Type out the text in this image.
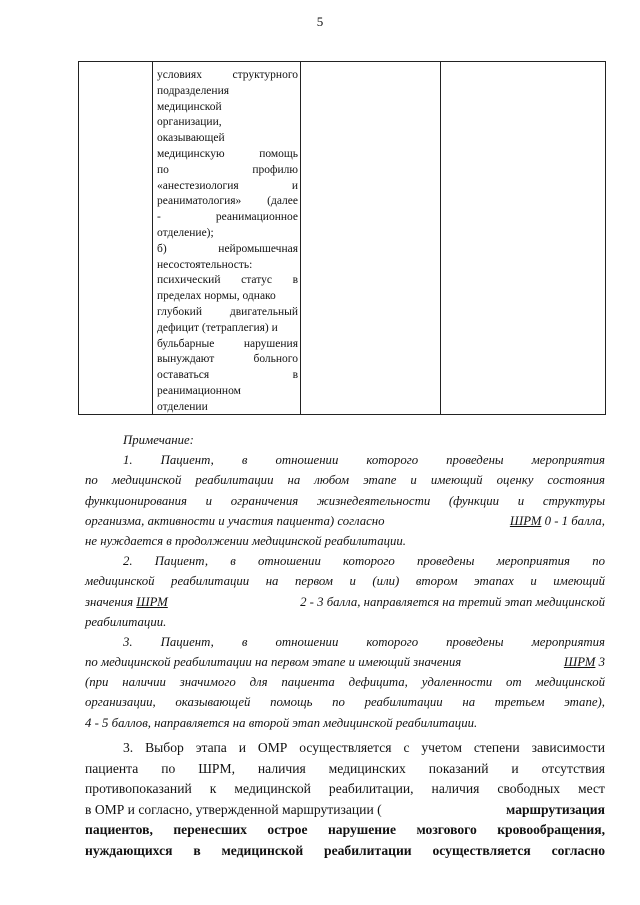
5
условиях	структурного
подразделения
медицинской
организации,
оказывающей
медицинскую	помощь
по	профилю
«анестезиология	и
реаниматология» (далее
-	реанимационное
отделение);
б)	нейромышечная
несостоятельность:
психический статус в
пределах нормы, однако
глубокий двигательный
дефицит (тетраплегия) и
бульбарные	нарушения
вынуждают	больного
оставаться	в
реанимационном
отделении
Примечание:
1. Пациент, в отношении которого проведены мероприятия
по медицинской реабилитации на любом этапе и имеющий оценку состояния
функционирования и ограничения жизнедеятельности (функции и структуры
организма, активности и участия пациента) согласно	ШРМ 0 - 1 балла,
не нуждается в продолжении медицинской реабилитации.
2. Пациент, в отношении которого проведены мероприятия по
медицинской реабилитации на первом и (или) втором этапах и имеющий
значения ШРМ	2 - 3 балла, направляется на третий этап медицинской
реабилитации.
3. Пациент, в отношении которого проведены мероприятия
по медицинской реабилитации на первом этапе и имеющий значения	ШРМ 3
(при наличии значимого для пациента дефицита, удаленности от медицинской
организации, оказывающей помощь по реабилитации на третьем этапе),
4 - 5 баллов, направляется на второй этап медицинской реабилитации.
3. Выбор этапа и ОМР осуществляется с учетом степени зависимости
пациента по ШРМ, наличия медицинских показаний и отсутствия
противопоказаний к медицинской реабилитации, наличия свободных мест
в ОМР и согласно, утвержденной маршрутизации (	маршрутизация
пациентов, перенесших острое нарушение мозгового кровообращения,
нуждающихся в медицинской реабилитации осуществляется согласно
